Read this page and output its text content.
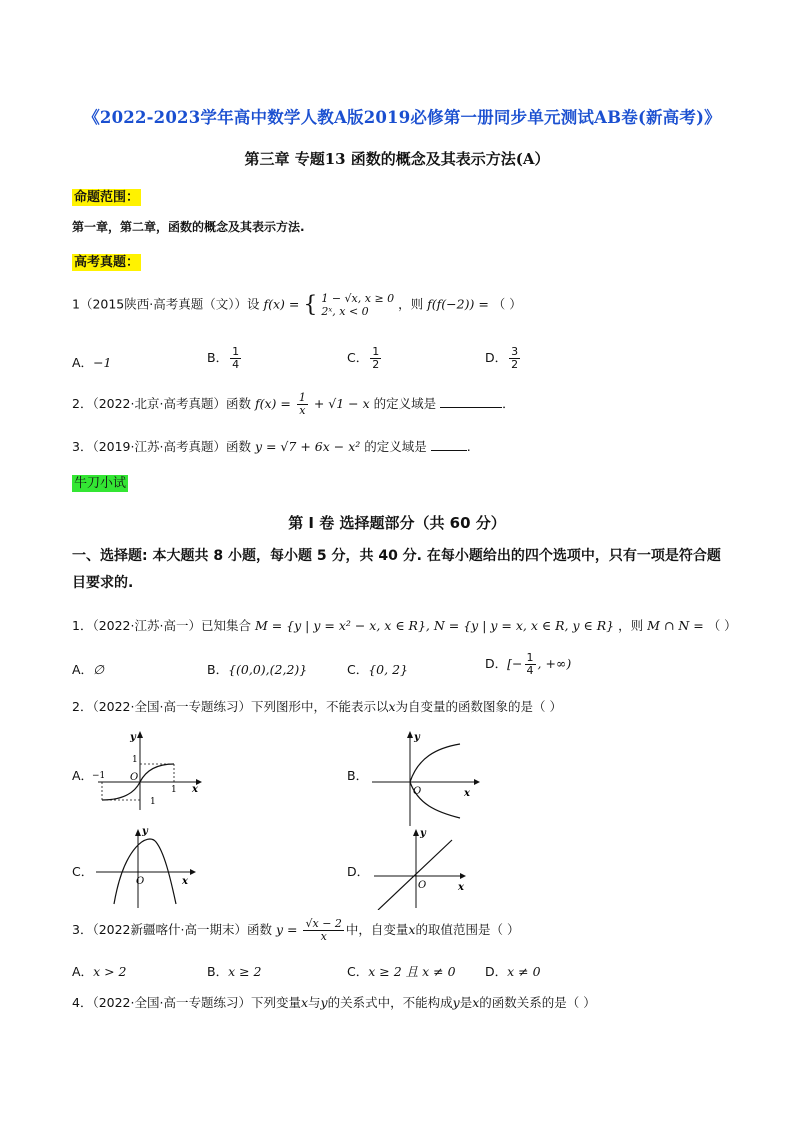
《2022-2023学年高中数学人教A版2019必修第一册同步单元测试AB卷(新高考)》
第三章 专题13 函数的概念及其表示方法(A）
命题范围：
第一章，第二章，函数的概念及其表示方法.
高考真题：
1（2015陕西·高考真题（文））设 f(x) = { 1 − √x, x ≥ 0
2ˣ, x < 0	，则 f(f(−2)) = （ ）
A．−1	B． $\frac{1}{4}$	C． $\frac{1}{2}$	D． $\frac{3}{2}$
2．（2022·北京·高考真题）函数 $f(x) = \frac{1}{x} + √1 - x$ 的定义域是	．
3．（2019·江苏·高考真题）函数 y = √7 + 6x − x² 的定义域是	.
牛刀小试
第 I 卷 选择题部分（共 60 分）
一、选择题: 本大题共 8 小题，每小题 5 分，共 40 分. 在每小题给出的四个选项中，只有一项是符合题目要求的.
1．（2022·江苏·高一）已知集合 M = {y | y = x² − x, x ∈ R}, N = {y | y = x, x ∈ R, y ∈ R} ，则 M ∩ N = （ ）
A．∅	B．{(0,0),(2,2)}	C．{0, 2}	D．[− $\frac{1}{4}$ , +∞)
2．（2022·全国·高一专题练习）下列图形中，不能表示以x为自变量的函数图象的是（ ）
A．	B．
C．	D．
y
x
O
1
1
−1
1
y
x
O
y
x
O
y
x
O
3．（2022新疆喀什·高一期末）函数 $y = \frac{√x - 2}{x}$ 中，自变量x的取值范围是（ ）
A．x > 2	B．x ≥ 2	C．x ≥ 2 且 x ≠ 0 D．x ≠ 0
4．（2022·全国·高一专题练习）下列变量x与y的关系式中，不能构成y是x的函数关系的是（ ）
